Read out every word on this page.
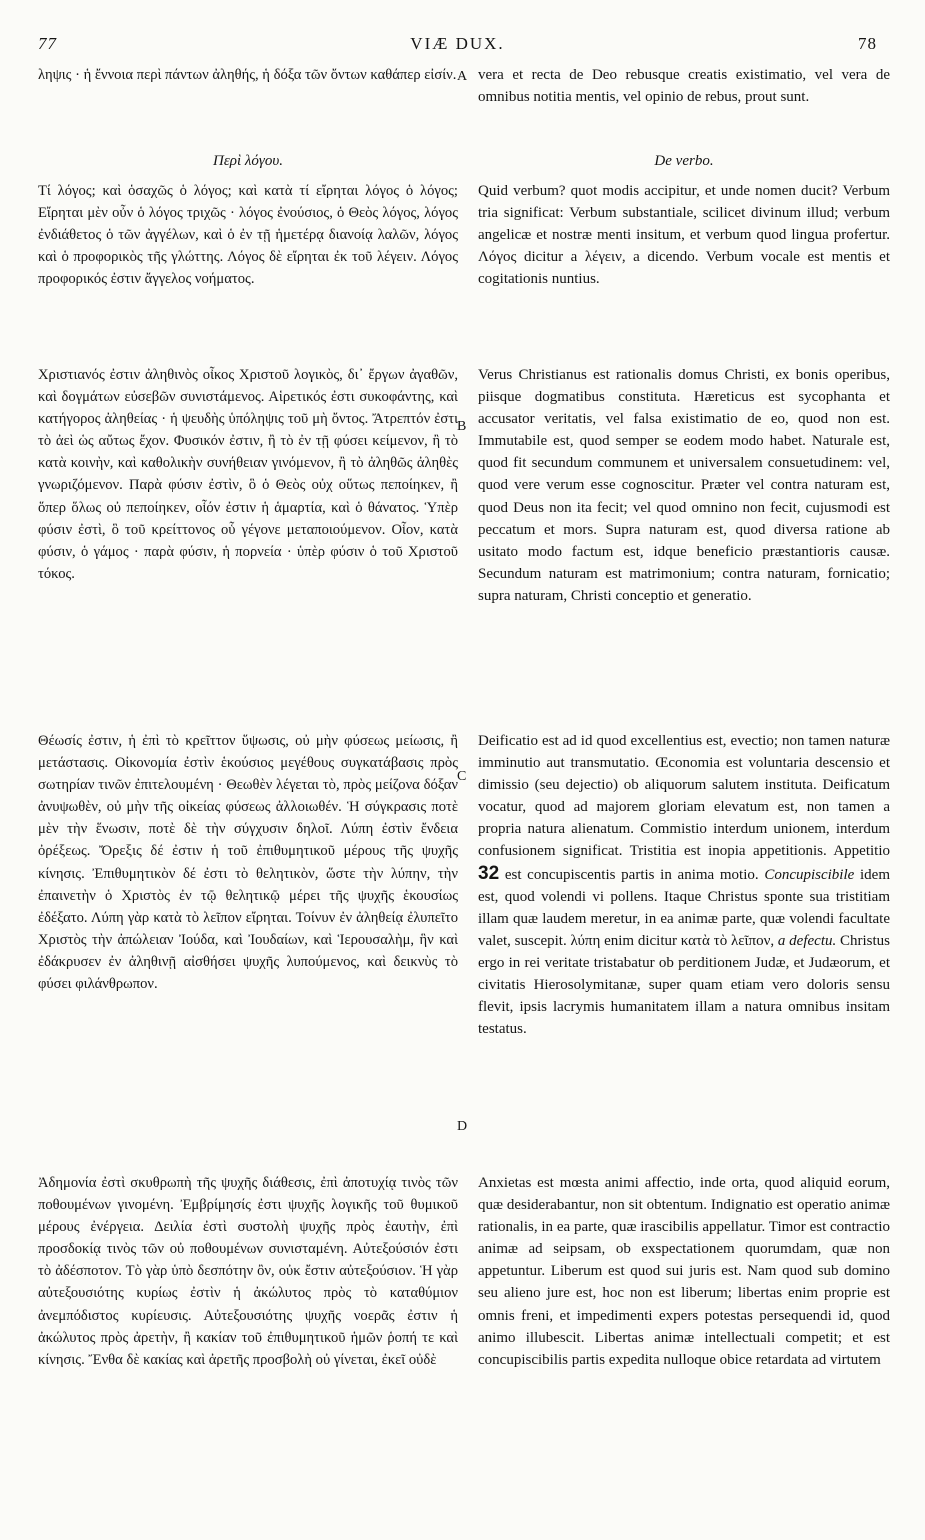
77	VIÆ DUX.	78

ληψις · ἡ ἔννοια περὶ πάντων ἀληθής, ἡ δόξα τῶν ὄντων καθάπερ εἰσίν.

Περὶ λόγου.

Τί λόγος; καὶ ὁσαχῶς ὁ λόγος; καὶ κατὰ τί εἴρηται λόγος ὁ λόγος; Εἴρηται μὲν οὖν ὁ λόγος τριχῶς · λόγος ἐνούσιος, ὁ Θεὸς λόγος, λόγος ἐνδιάθετος ὁ τῶν ἀγγέλων, καὶ ὁ ἐν τῇ ἡμετέρᾳ διανοίᾳ λαλῶν, λόγος καὶ ὁ προφορικὸς τῆς γλώττης. Λόγος δὲ εἴρηται ἐκ τοῦ λέγειν. Λόγος προφορικός ἐστιν ἄγγελος νοήματος.

Χριστιανός ἐστιν ἀληθινὸς οἶκος Χριστοῦ λογικὸς, δι᾽ ἔργων ἀγαθῶν, καὶ δογμάτων εὐσεβῶν συνιστάμενος. Αἱρετικός ἐστι συκοφάντης, καὶ κατήγορος ἀληθείας · ἡ ψευδὴς ὑπόληψις τοῦ μὴ ὄντος. Ἄτρεπτόν ἐστι τὸ ἀεὶ ὡς αὔτως ἔχον. Φυσικόν ἐστιν, ἢ τὸ ἐν τῇ φύσει κείμενον, ἢ τὸ κατὰ κοινὴν, καὶ καθολικὴν συνήθειαν γινόμενον, ἢ τὸ ἀληθῶς ἀληθὲς γνωριζόμενον. Παρὰ φύσιν ἐστὶν, ὃ ὁ Θεὸς οὐχ οὕτως πεποίηκεν, ἢ ὅπερ ὅλως οὐ πεποίηκεν, οἷόν ἐστιν ἡ ἁμαρτία, καὶ ὁ θάνατος. Ὑπὲρ φύσιν ἐστὶ, ὃ τοῦ κρείττονος οὗ γέγονε μεταποιούμενον. Οἷον, κατὰ φύσιν, ὁ γάμος · παρὰ φύσιν, ἡ πορνεία · ὑπὲρ φύσιν ὁ τοῦ Χριστοῦ τόκος.

Θέωσίς ἐστιν, ἡ ἐπὶ τὸ κρεῖττον ὕψωσις, οὐ μὴν φύσεως μείωσις, ἢ μετάστασις. Οἰκονομία ἐστὶν ἑκούσιος μεγέθους συγκατάβασις πρὸς σωτηρίαν τινῶν ἐπιτελουμένη · Θεωθὲν λέγεται τὸ, πρὸς μείζονα δόξαν ἀνυψωθὲν, οὐ μὴν τῆς οἰκείας φύσεως ἀλλοιωθέν. Ἡ σύγκρασις ποτὲ μὲν τὴν ἕνωσιν, ποτὲ δὲ τὴν σύγχυσιν δηλοῖ. Λύπη ἐστὶν ἔνδεια ὀρέξεως. Ὄρεξις δέ ἐστιν ἡ τοῦ ἐπιθυμητικοῦ μέρους τῆς ψυχῆς κίνησις. Ἐπιθυμητικὸν δέ ἐστι τὸ θελητικὸν, ὥστε τὴν λύπην, τὴν ἐπαινετὴν ὁ Χριστὸς ἐν τῷ θελητικῷ μέρει τῆς ψυχῆς ἑκουσίως ἐδέξατο. Λύπη γὰρ κατὰ τὸ λεῖπον εἴρηται. Τοίνυν ἐν ἀληθείᾳ ἐλυπεῖτο Χριστὸς τὴν ἀπώλειαν Ἰούδα, καὶ Ἰουδαίων, καὶ Ἱερουσαλὴμ, ἣν καὶ ἐδάκρυσεν ἐν ἀληθινῇ αἰσθήσει ψυχῆς λυπούμενος, καὶ δεικνὺς τὸ φύσει φιλάνθρωπον.

Ἀδημονία ἐστὶ σκυθρωπὴ τῆς ψυχῆς διάθεσις, ἐπὶ ἀποτυχίᾳ τινὸς τῶν ποθουμένων γινομένη. Ἐμβρίμησίς ἐστι ψυχῆς λογικῆς τοῦ θυμικοῦ μέρους ἐνέργεια. Δειλία ἐστὶ συστολὴ ψυχῆς πρὸς ἑαυτὴν, ἐπὶ προσδοκίᾳ τινὸς τῶν οὐ ποθουμένων συνισταμένη. Αὐτεξούσιόν ἐστι τὸ ἀδέσποτον. Τὸ γὰρ ὑπὸ δεσπότην ὂν, οὐκ ἔστιν αὐτεξούσιον. Ἡ γὰρ αὐτεξουσιότης κυρίως ἐστὶν ἡ ἀκώλυτος πρὸς τὸ καταθύμιον ἀνεμπόδιστος κυρίευσις. Αὐτεξουσιότης ψυχῆς νοερᾶς ἐστιν ἡ ἀκώλυτος πρὸς ἀρετὴν, ἢ κακίαν τοῦ ἐπιθυμητικοῦ ἡμῶν ῥοπή τε καὶ κίνησις. Ἔνθα δὲ κακίας καὶ ἀρετῆς προσβολὴ οὐ γίνεται, ἐκεῖ οὐδὲ

vera et recta de Deo rebusque creatis existimatio, vel vera de omnibus notitia mentis, vel opinio de rebus, prout sunt.

De verbo.

Quid verbum? quot modis accipitur, et unde nomen ducit? Verbum tria significat: Verbum substantiale, scilicet divinum illud; verbum angelicæ et nostræ menti insitum, et verbum quod lingua profertur. Λόγος dicitur a λέγειν, a dicendo. Verbum vocale est mentis et cogitationis nuntius.

Verus Christianus est rationalis domus Christi, ex bonis operibus, piisque dogmatibus constituta. Hæreticus est sycophanta et accusator veritatis, vel falsa existimatio de eo, quod non est. Immutabile est, quod semper se eodem modo habet. Naturale est, quod fit secundum communem et universalem consuetudinem: vel, quod vere verum esse cognoscitur. Præter vel contra naturam est, quod Deus non ita fecit; vel quod omnino non fecit, cujusmodi est peccatum et mors. Supra naturam est, quod diversa ratione ab usitato modo factum est, idque beneficio præstantioris causæ. Secundum naturam est matrimonium; contra naturam, fornicatio; supra naturam, Christi conceptio et generatio.

Deificatio est ad id quod excellentius est, evectio; non tamen naturæ imminutio aut transmutatio. Œconomia est voluntaria descensio et dimissio (seu dejectio) ob aliquorum salutem instituta. Deificatum vocatur, quod ad majorem gloriam elevatum est, non tamen a propria natura alienatum. Commistio interdum unionem, interdum confusionem significat. Tristitia est inopia appetitionis. Appetitio 32 est concupiscentis partis in anima motio. Concupiscibile idem est, quod volendi vi pollens. Itaque Christus sponte sua tristitiam illam quæ laudem meretur, in ea animæ parte, quæ volendi facultate valet, suscepit. λύπη enim dicitur κατὰ τὸ λεῖπον, a defectu. Christus ergo in rei veritate tristabatur ob perditionem Judæ, et Judæorum, et civitatis Hierosolymitanæ, super quam etiam vero doloris sensu flevit, ipsis lacrymis humanitatem illam a natura omnibus insitam testatus.

Anxietas est mœsta animi affectio, inde orta, quod aliquid eorum, quæ desiderabantur, non sit obtentum. Indignatio est operatio animæ rationalis, in ea parte, quæ irascibilis appellatur. Timor est contractio animæ ad seipsam, ob exspectationem quorumdam, quæ non appetuntur. Liberum est quod sui juris est. Nam quod sub domino seu alieno jure est, hoc non est liberum; libertas enim proprie est omnis freni, et impedimenti expers potestas persequendi id, quod animo illubescit. Libertas animæ intellectuali competit; et est concupiscibilis partis expedita nulloque obice retardata ad virtutem

A
B
C
D
